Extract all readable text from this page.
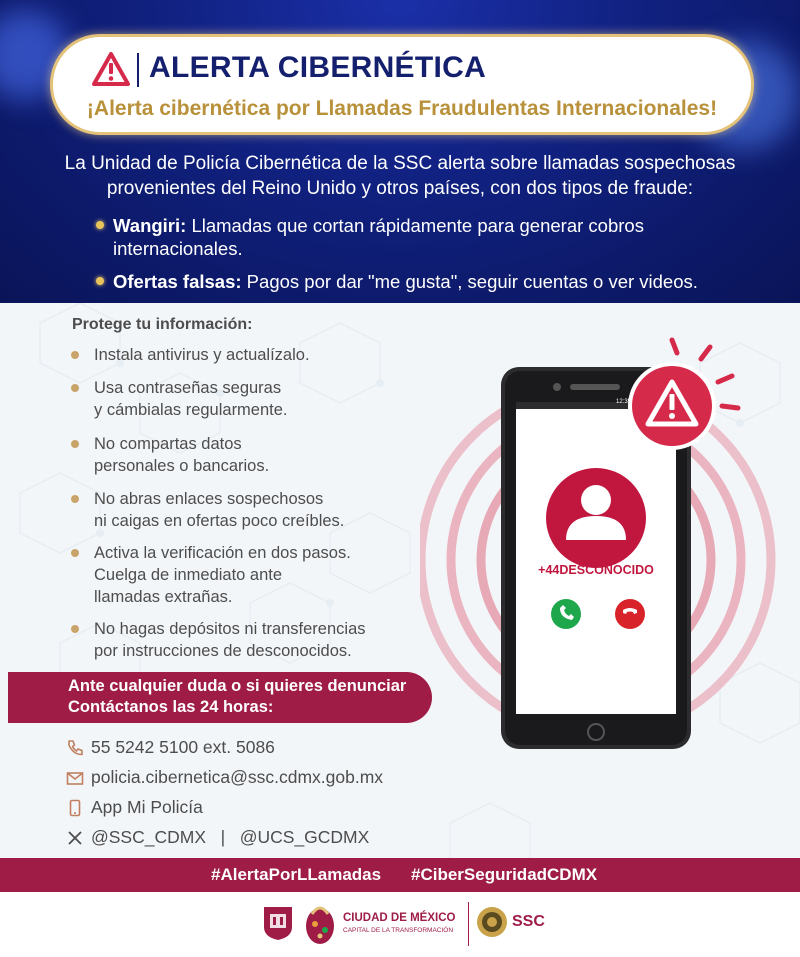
ALERTA CIBERNÉTICA
¡Alerta cibernética por Llamadas Fraudulentas Internacionales!
La Unidad de Policía Cibernética de la SSC alerta sobre llamadas sospechosas
provenientes del Reino Unido y otros países, con dos tipos de fraude:
Wangiri: Llamadas que cortan rápidamente para generar cobros
internacionales.
Ofertas falsas: Pagos por dar "me gusta", seguir cuentas o ver videos.
Protege tu información:
Instala antivirus y actualízalo.
Usa contraseñas seguras
y cámbialas regularmente.
No compartas datos
personales o bancarios.
No abras enlaces sospechosos
ni caigas en ofertas poco creíbles.
Activa la verificación en dos pasos.
Cuelga de inmediato ante
llamadas extrañas.
No hagas depósitos ni transferencias
por instrucciones de desconocidos.
12:35
+44DESCONOCIDO
Ante cualquier duda o si quieres denunciar
Contáctanos las 24 horas:
55 5242 5100 ext. 5086
policia.cibernetica@ssc.cdmx.gob.mx
App Mi Policía
@SSC_CDMX   |   @UCS_GCDMX
#AlertaPorLLamadas #CiberSeguridadCDMX
CIUDAD DE MÉXICO
CAPITAL DE LA TRANSFORMACIÓN
SSC
